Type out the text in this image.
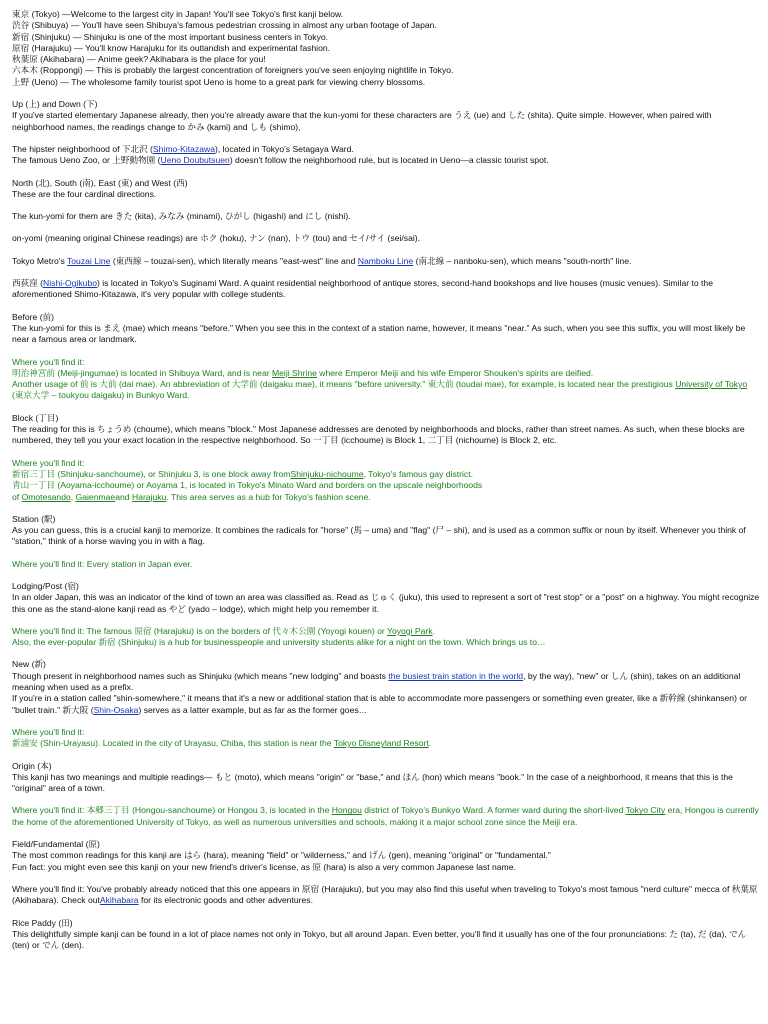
東京 (Tokyo) —Welcome to the largest city in Japan! You'll see Tokyo's first kanji below.
渋谷 (Shibuya) — You'll have seen Shibuya's famous pedestrian crossing in almost any urban footage of Japan.
新宿 (Shinjuku) — Shinjuku is one of the most important business centers in Tokyo.
原宿 (Harajuku) — You'll know Harajuku for its outlandish and experimental fashion.
秋葉原 (Akihabara) — Anime geek? Akihabara is the place for you!
六本木 (Roppongi) — This is probably the largest concentration of foreigners you've seen enjoying nightlife in Tokyo.
上野 (Ueno) — The wholesome family tourist spot Ueno is home to a great park for viewing cherry blossoms.
Up (上) and Down (下)
If you've started elementary Japanese already, then you're already aware that the kun-yomi for these characters are うえ (ue) and した (shita). Quite simple. However, when paired with neighborhood names, the readings change to かみ (kami) and しも (shimo),
The hipster neighborhood of 下北沢 (Shimo-Kitazawa), located in Tokyo's Setagaya Ward.
The famous Ueno Zoo, or 上野動物園 (Ueno Doubutsuen) doesn't follow the neighborhood rule, but is located in Ueno—a classic tourist spot.
North (北), South (南), East (東) and West (西)
These are the four cardinal directions.
The kun-yomi for them are きた (kita), みなみ (minami), ひがし (higashi) and にし (nishi).
on-yomi (meaning original Chinese readings) are ホク (hoku), ナン (nan), トウ (tou) and セイ/サイ (sei/sai).
Tokyo Metro's Touzai Line (東西線 – touzai-sen), which literally means "east-west" line and Namboku Line (南北線 – nanboku-sen), which means "south-north" line.
西荻窪 (Nishi-Ogikubo) is located in Tokyo's Suginami Ward. A quaint residential neighborhood of antique stores, second-hand bookshops and live houses (music venues). Similar to the aforementioned Shimo-Kitazawa, it's very popular with college students.
Before (前)
The kun-yomi for this is まえ (mae) which means "before." When you see this in the context of a station name, however, it means "near." As such, when you see this suffix, you will most likely be near a famous area or landmark.
Where you'll find it:
明治神宮前 (Meiji-jingumae) is located in Shibuya Ward, and is near Meiji Shrine where Emperor Meiji and his wife Emperor Shouken's spirits are deified.
Another usage of 前 is 大前 (dai mae). An abbreviation of 大学前 (daigaku mae), it means "before university." 東大前 (toudai mae), for example, is located near the prestigious University of Tokyo (東京大学 – toukyou daigaku) in Bunkyo Ward.
Block (丁目)
The reading for this is ちょうめ (choume), which means "block." Most Japanese addresses are denoted by neighborhoods and blocks, rather than street names. As such, when these blocks are numbered, they tell you your exact location in the respective neighborhood. So 一丁目 (icchoume) is Block 1, 二丁目 (nichoume) is Block 2, etc.
Where you'll find it:
新宿三丁目 (Shinjuku-sanchoume), or Shinjuku 3, is one block away fromShinjuku-nichoume, Tokyo's famous gay district.
青山一丁目 (Aoyama-icchoume) or Aoyama 1, is located in Tokyo's Minato Ward and borders on the upscale neighborhoods
of Omotesando, Gaienmaeand Harajuku. This area serves as a hub for Tokyo's fashion scene.
Station (駅)
As you can guess, this is a crucial kanji to memorize. It combines the radicals for "horse" (馬 – uma) and "flag" (尸 – shi), and is used as a common suffix or noun by itself. Whenever you think of "station," think of a horse waving you in with a flag.
Where you'll find it: Every station in Japan ever.
Lodging/Post (宿)
In an older Japan, this was an indicator of the kind of town an area was classified as. Read as じゅく (juku), this used to represent a sort of "rest stop" or a "post" on a highway. You might recognize this one as the stand-alone kanji read as やど (yado – lodge), which might help you remember it.
Where you'll find it: The famous 原宿 (Harajuku) is on the borders of 代々木公園 (Yoyogi kouen) or Yoyogi Park.
Also, the ever-popular 新宿 (Shinjuku) is a hub for businesspeople and university students alike for a night on the town. Which brings us to…
New (新)
Though present in neighborhood names such as Shinjuku (which means "new lodging" and boasts the busiest train station in the world, by the way), "new" or しん (shin), takes on an additional meaning when used as a prefix.
If you're in a station called "shin-somewhere," it means that it's a new or additional station that is able to accommodate more passengers or something even greater, like a 新幹線 (shinkansen) or "bullet train." 新大阪 (Shin-Osaka) serves as a latter example, but as far as the former goes…
Where you'll find it:
新浦安 (Shin-Urayasu). Located in the city of Urayasu, Chiba, this station is near the Tokyo Disneyland Resort.
Origin (本)
This kanji has two meanings and multiple readings— もと (moto), which means "origin" or "base," and ほん (hon) which means "book." In the case of a neighborhood, it means that this is the "original" area of a town.
Where you'll find it: 本郷三丁目 (Hongou-sanchoume) or Hongou 3, is located in the Hongou district of Tokyo's Bunkyo Ward. A former ward during the short-lived Tokyo City era, Hongou is currently the home of the aforementioned University of Tokyo, as well as numerous universities and schools, making it a major school zone since the Meiji era.
Field/Fundamental (原)
The most common readings for this kanji are はら (hara), meaning "field" or "wilderness," and げん (gen), meaning "original" or "fundamental."
Fun fact: you might even see this kanji on your new friend's driver's license, as 原 (hara) is also a very common Japanese last name.
Where you'll find it: You've probably already noticed that this one appears in 原宿 (Harajuku), but you may also find this useful when traveling to Tokyo's most famous "nerd culture" mecca of 秋葉原 (Akihabara). Check outAkihabara for its electronic goods and other adventures.
Rice Paddy (田)
This delightfully simple kanji can be found in a lot of place names not only in Tokyo, but all around Japan. Even better, you'll find it usually has one of the four pronunciations: た (ta), だ (da), でん (ten) or でん (den).
